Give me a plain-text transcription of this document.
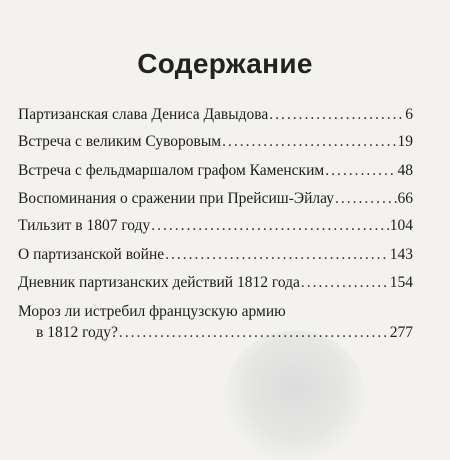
Содержание
Партизанская слава Дениса Давыдова .....	6
Встреча с великим Суворовым .....	19
Встреча с фельдмаршалом графом Каменским .....	48
Воспоминания о сражении при Прейсиш-Эйлау .....	66
Тильзит в 1807 году .....	104
О партизанской войне .....	143
Дневник партизанских действий 1812 года .....	154
Мороз ли истребил французскую армию
в 1812 году? .....	277
